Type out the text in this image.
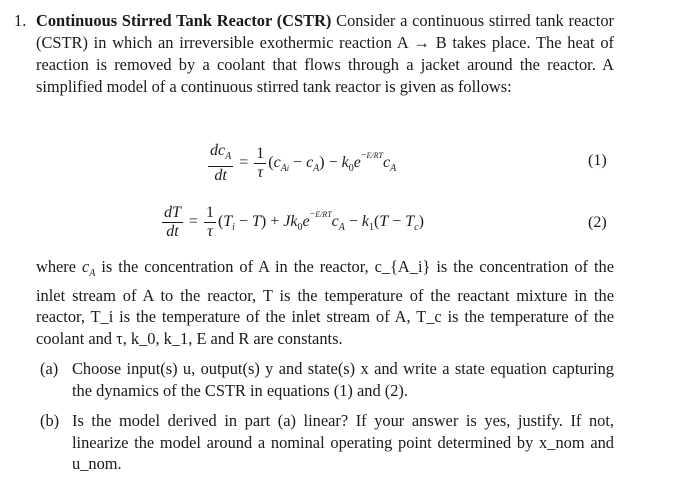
1. Continuous Stirred Tank Reactor (CSTR) Consider a continuous stirred tank reactor (CSTR) in which an irreversible exothermic reaction A → B takes place. The heat of reaction is removed by a coolant that flows through a jacket around the reactor. A simplified model of a continuous stirred tank reactor is given as follows:
$\frac{dc_A}{dt} = \frac{1}{\tau} (c_{Ai} - c_A) - k_0e^{-E/RT}c_A$	(1)
$\frac{dT}{dt} = \frac{1}{\tau} (T_i - T) + Jk_0e^{-E/RT}c_A - k_1(T - T_c)$	(2)
where $c_A$ is the concentration of A in the reactor, c_{A_i} is the concentration of the inlet stream of A to the reactor, T is the temperature of the reactant mixture in the reactor, T_i is the temperature of the inlet stream of A, T_c is the temperature of the coolant and τ, k_0, k_1, E and R are constants.
(a) Choose input(s) u, output(s) y and state(s) x and write a state equation capturing the dynamics of the CSTR in equations (1) and (2).
(b) Is the model derived in part (a) linear? If your answer is yes, justify. If not, linearize the model around a nominal operating point determined by x_nom and u_nom.
